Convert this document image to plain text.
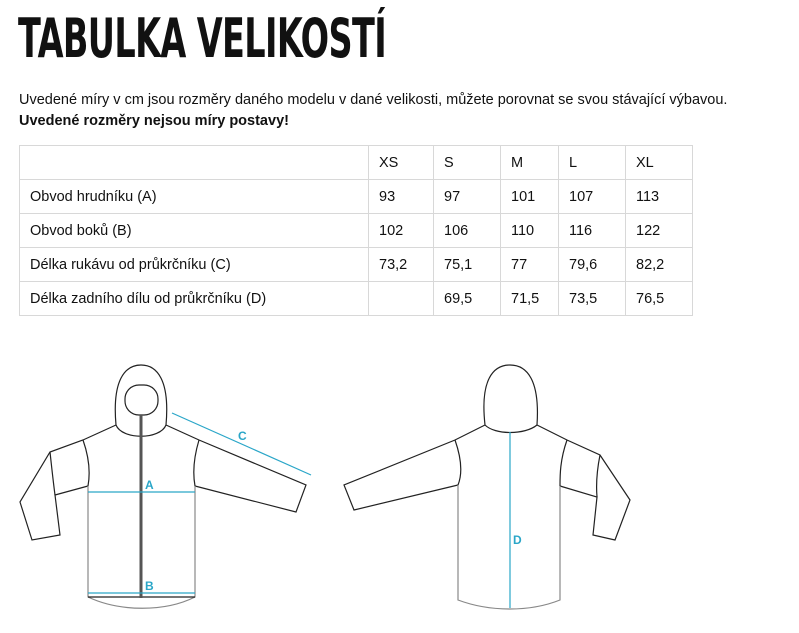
TABULKA VELIKOSTÍ
Uvedené míry v cm jsou rozměry daného modelu v dané velikosti, můžete porovnat se svou stávající výbavou.
Uvedené rozměry nejsou míry postavy!
	XS	S	M	L	XL
Obvod hrudníku (A)	93	97	101	107	113
Obvod boků (B)	102	106	110	116	122
Délka rukávu od průkrčníku (C)	73,2	75,1	77	79,6	82,2
Délka zadního dílu od průkrčníku (D)		69,5	71,5	73,5	76,5
A
B
C
D
